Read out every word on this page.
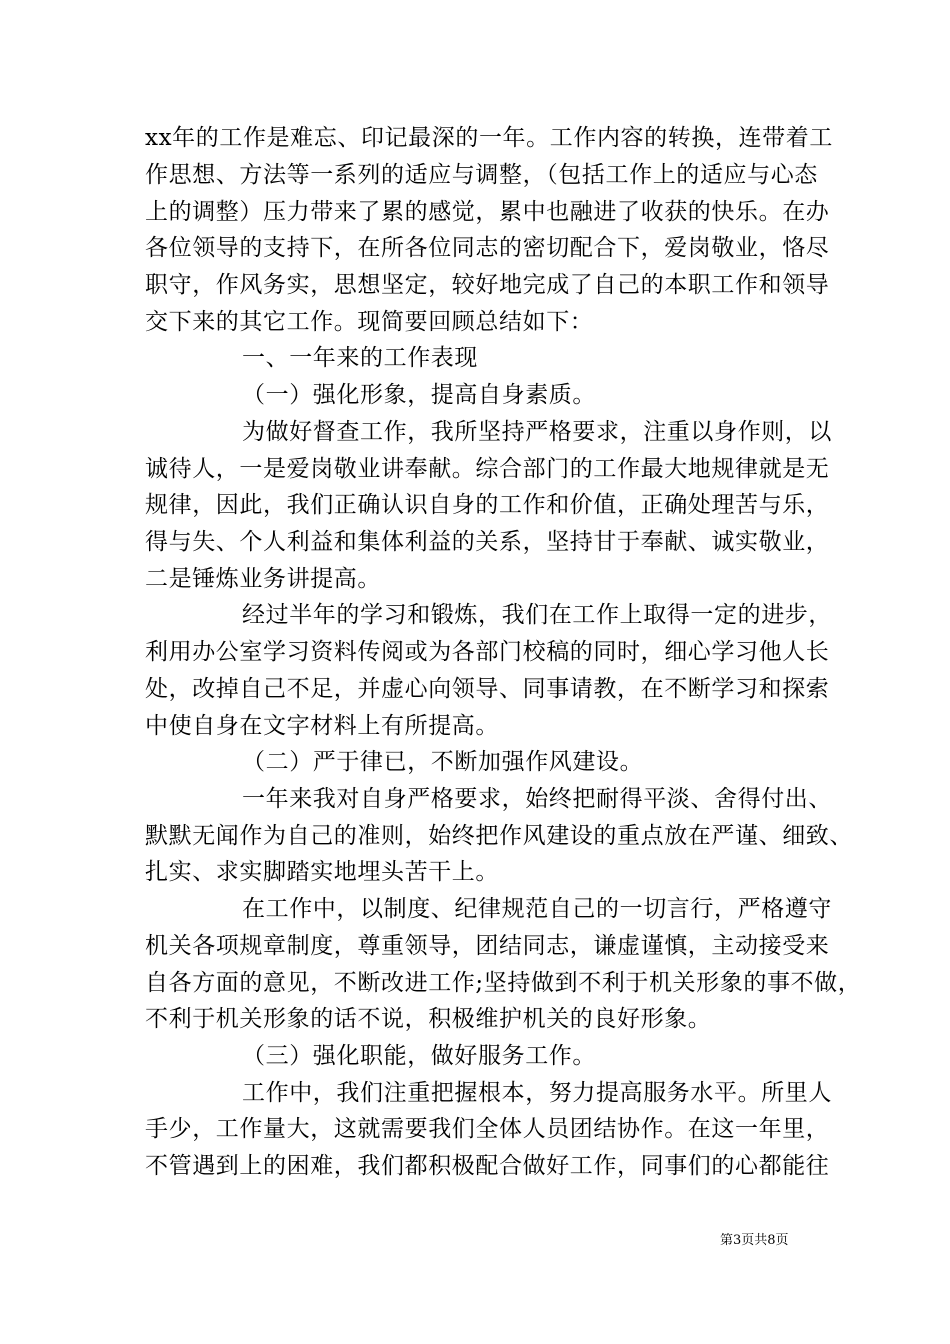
xx年的工作是难忘、印记最深的一年。工作内容的转换，连带着工
作思想、方法等一系列的适应与调整，（包括工作上的适应与心态
上的调整）压力带来了累的感觉，累中也融进了收获的快乐。在办
各位领导的支持下，在所各位同志的密切配合下，爱岗敬业，恪尽
职守，作风务实，思想坚定，较好地完成了自己的本职工作和领导
交下来的其它工作。现简要回顾总结如下：
一、一年来的工作表现
（一）强化形象，提高自身素质。
为做好督查工作，我所坚持严格要求，注重以身作则，以
诚待人，一是爱岗敬业讲奉献。综合部门的工作最大地规律就是无
规律，因此，我们正确认识自身的工作和价值，正确处理苦与乐，
得与失、个人利益和集体利益的关系，坚持甘于奉献、诚实敬业，
二是锤炼业务讲提高。
经过半年的学习和锻炼，我们在工作上取得一定的进步，
利用办公室学习资料传阅或为各部门校稿的同时，细心学习他人长
处，改掉自己不足，并虚心向领导、同事请教，在不断学习和探索
中使自身在文字材料上有所提高。
（二）严于律已，不断加强作风建设。
一年来我对自身严格要求，始终把耐得平淡、舍得付出、
默默无闻作为自己的准则，始终把作风建设的重点放在严谨、细致、
扎实、求实脚踏实地埋头苦干上。
在工作中，以制度、纪律规范自己的一切言行，严格遵守
机关各项规章制度，尊重领导，团结同志，谦虚谨慎，主动接受来
自各方面的意见，不断改进工作;坚持做到不利于机关形象的事不做，
不利于机关形象的话不说，积极维护机关的良好形象。
（三）强化职能，做好服务工作。
工作中，我们注重把握根本，努力提高服务水平。所里人
手少，工作量大，这就需要我们全体人员团结协作。在这一年里，
不管遇到上的困难，我们都积极配合做好工作，同事们的心都能往
第3页共8页
